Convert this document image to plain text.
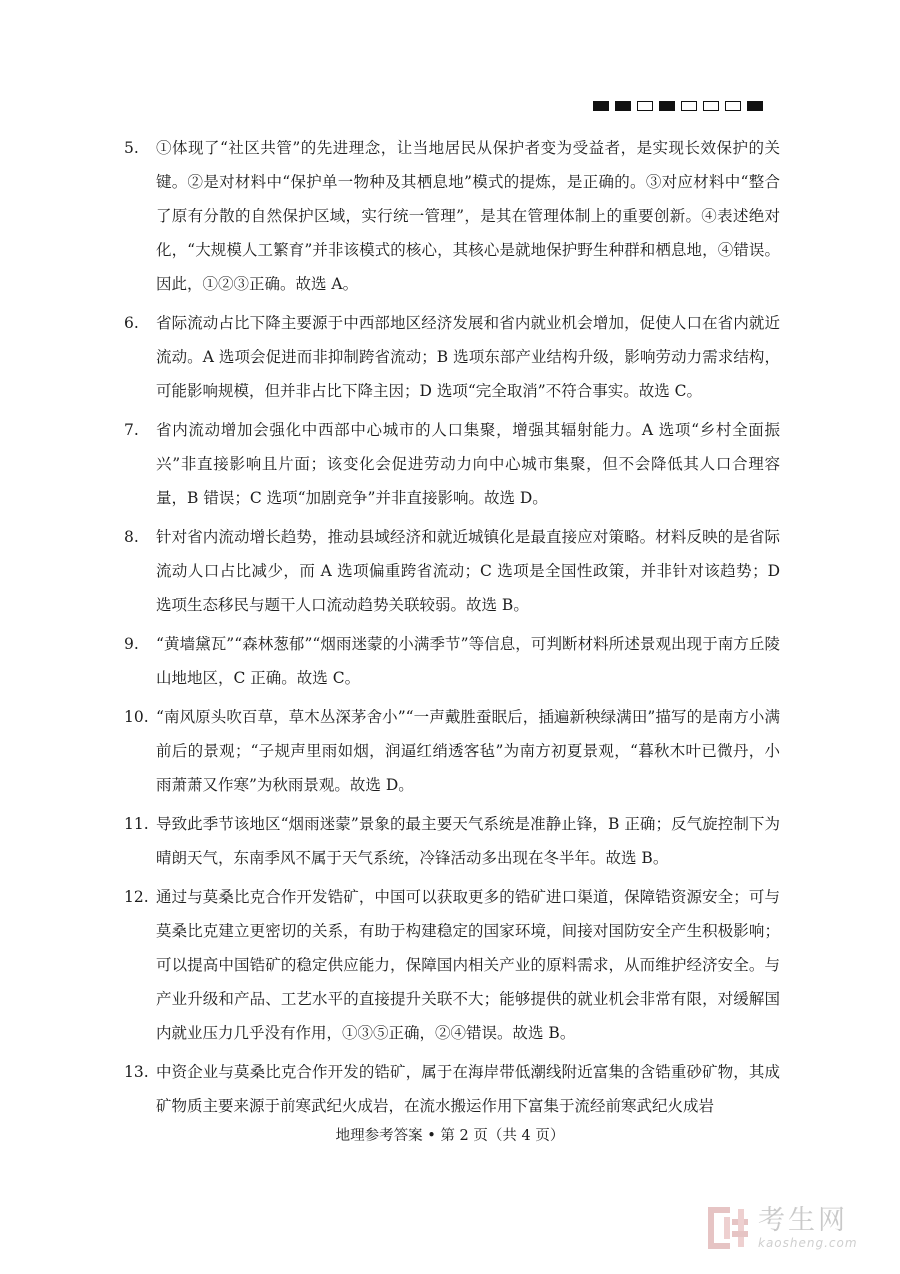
5.	①体现了“社区共管”的先进理念，让当地居民从保护者变为受益者，是实现长效保护的关键。②是对材料中“保护单一物种及其栖息地”模式的提炼，是正确的。③对应材料中“整合了原有分散的自然保护区域，实行统一管理”，是其在管理体制上的重要创新。④表述绝对化，“大规模人工繁育”并非该模式的核心，其核心是就地保护野生种群和栖息地，④错误。因此，①②③正确。故选 A。
6.	省际流动占比下降主要源于中西部地区经济发展和省内就业机会增加，促使人口在省内就近流动。A 选项会促进而非抑制跨省流动；B 选项东部产业结构升级，影响劳动力需求结构，可能影响规模，但并非占比下降主因；D 选项“完全取消”不符合事实。故选 C。
7.	省内流动增加会强化中西部中心城市的人口集聚，增强其辐射能力。A 选项“乡村全面振兴”非直接影响且片面；该变化会促进劳动力向中心城市集聚，但不会降低其人口合理容量，B 错误；C 选项“加剧竞争”并非直接影响。故选 D。
8.	针对省内流动增长趋势，推动县域经济和就近城镇化是最直接应对策略。材料反映的是省际流动人口占比减少，而 A 选项偏重跨省流动；C 选项是全国性政策，并非针对该趋势；D 选项生态移民与题干人口流动趋势关联较弱。故选 B。
9.	“黄墙黛瓦”“森林葱郁”“烟雨迷蒙的小满季节”等信息，可判断材料所述景观出现于南方丘陵山地地区，C 正确。故选 C。
10. “南风原头吹百草，草木丛深茅舍小”“一声戴胜蚕眠后，插遍新秧绿满田”描写的是南方小满前后的景观；“子规声里雨如烟，润逼红绡透客毡”为南方初夏景观，“暮秋木叶已微丹，小雨萧萧又作寒”为秋雨景观。故选 D。
11. 导致此季节该地区“烟雨迷蒙”景象的最主要天气系统是准静止锋，B 正确；反气旋控制下为晴朗天气，东南季风不属于天气系统，冷锋活动多出现在冬半年。故选 B。
12. 通过与莫桑比克合作开发锆矿，中国可以获取更多的锆矿进口渠道，保障锆资源安全；可与莫桑比克建立更密切的关系，有助于构建稳定的国家环境，间接对国防安全产生积极影响；可以提高中国锆矿的稳定供应能力，保障国内相关产业的原料需求，从而维护经济安全。与产业升级和产品、工艺水平的直接提升关联不大；能够提供的就业机会非常有限，对缓解国内就业压力几乎没有作用，①③⑤正确，②④错误。故选 B。
13. 中资企业与莫桑比克合作开发的锆矿，属于在海岸带低潮线附近富集的含锆重砂矿物，其成矿物质主要来源于前寒武纪火成岩，在流水搬运作用下富集于流经前寒武纪火成岩
地理参考答案 • 第 2 页（共 4 页）
考生网
kaosheng.com
